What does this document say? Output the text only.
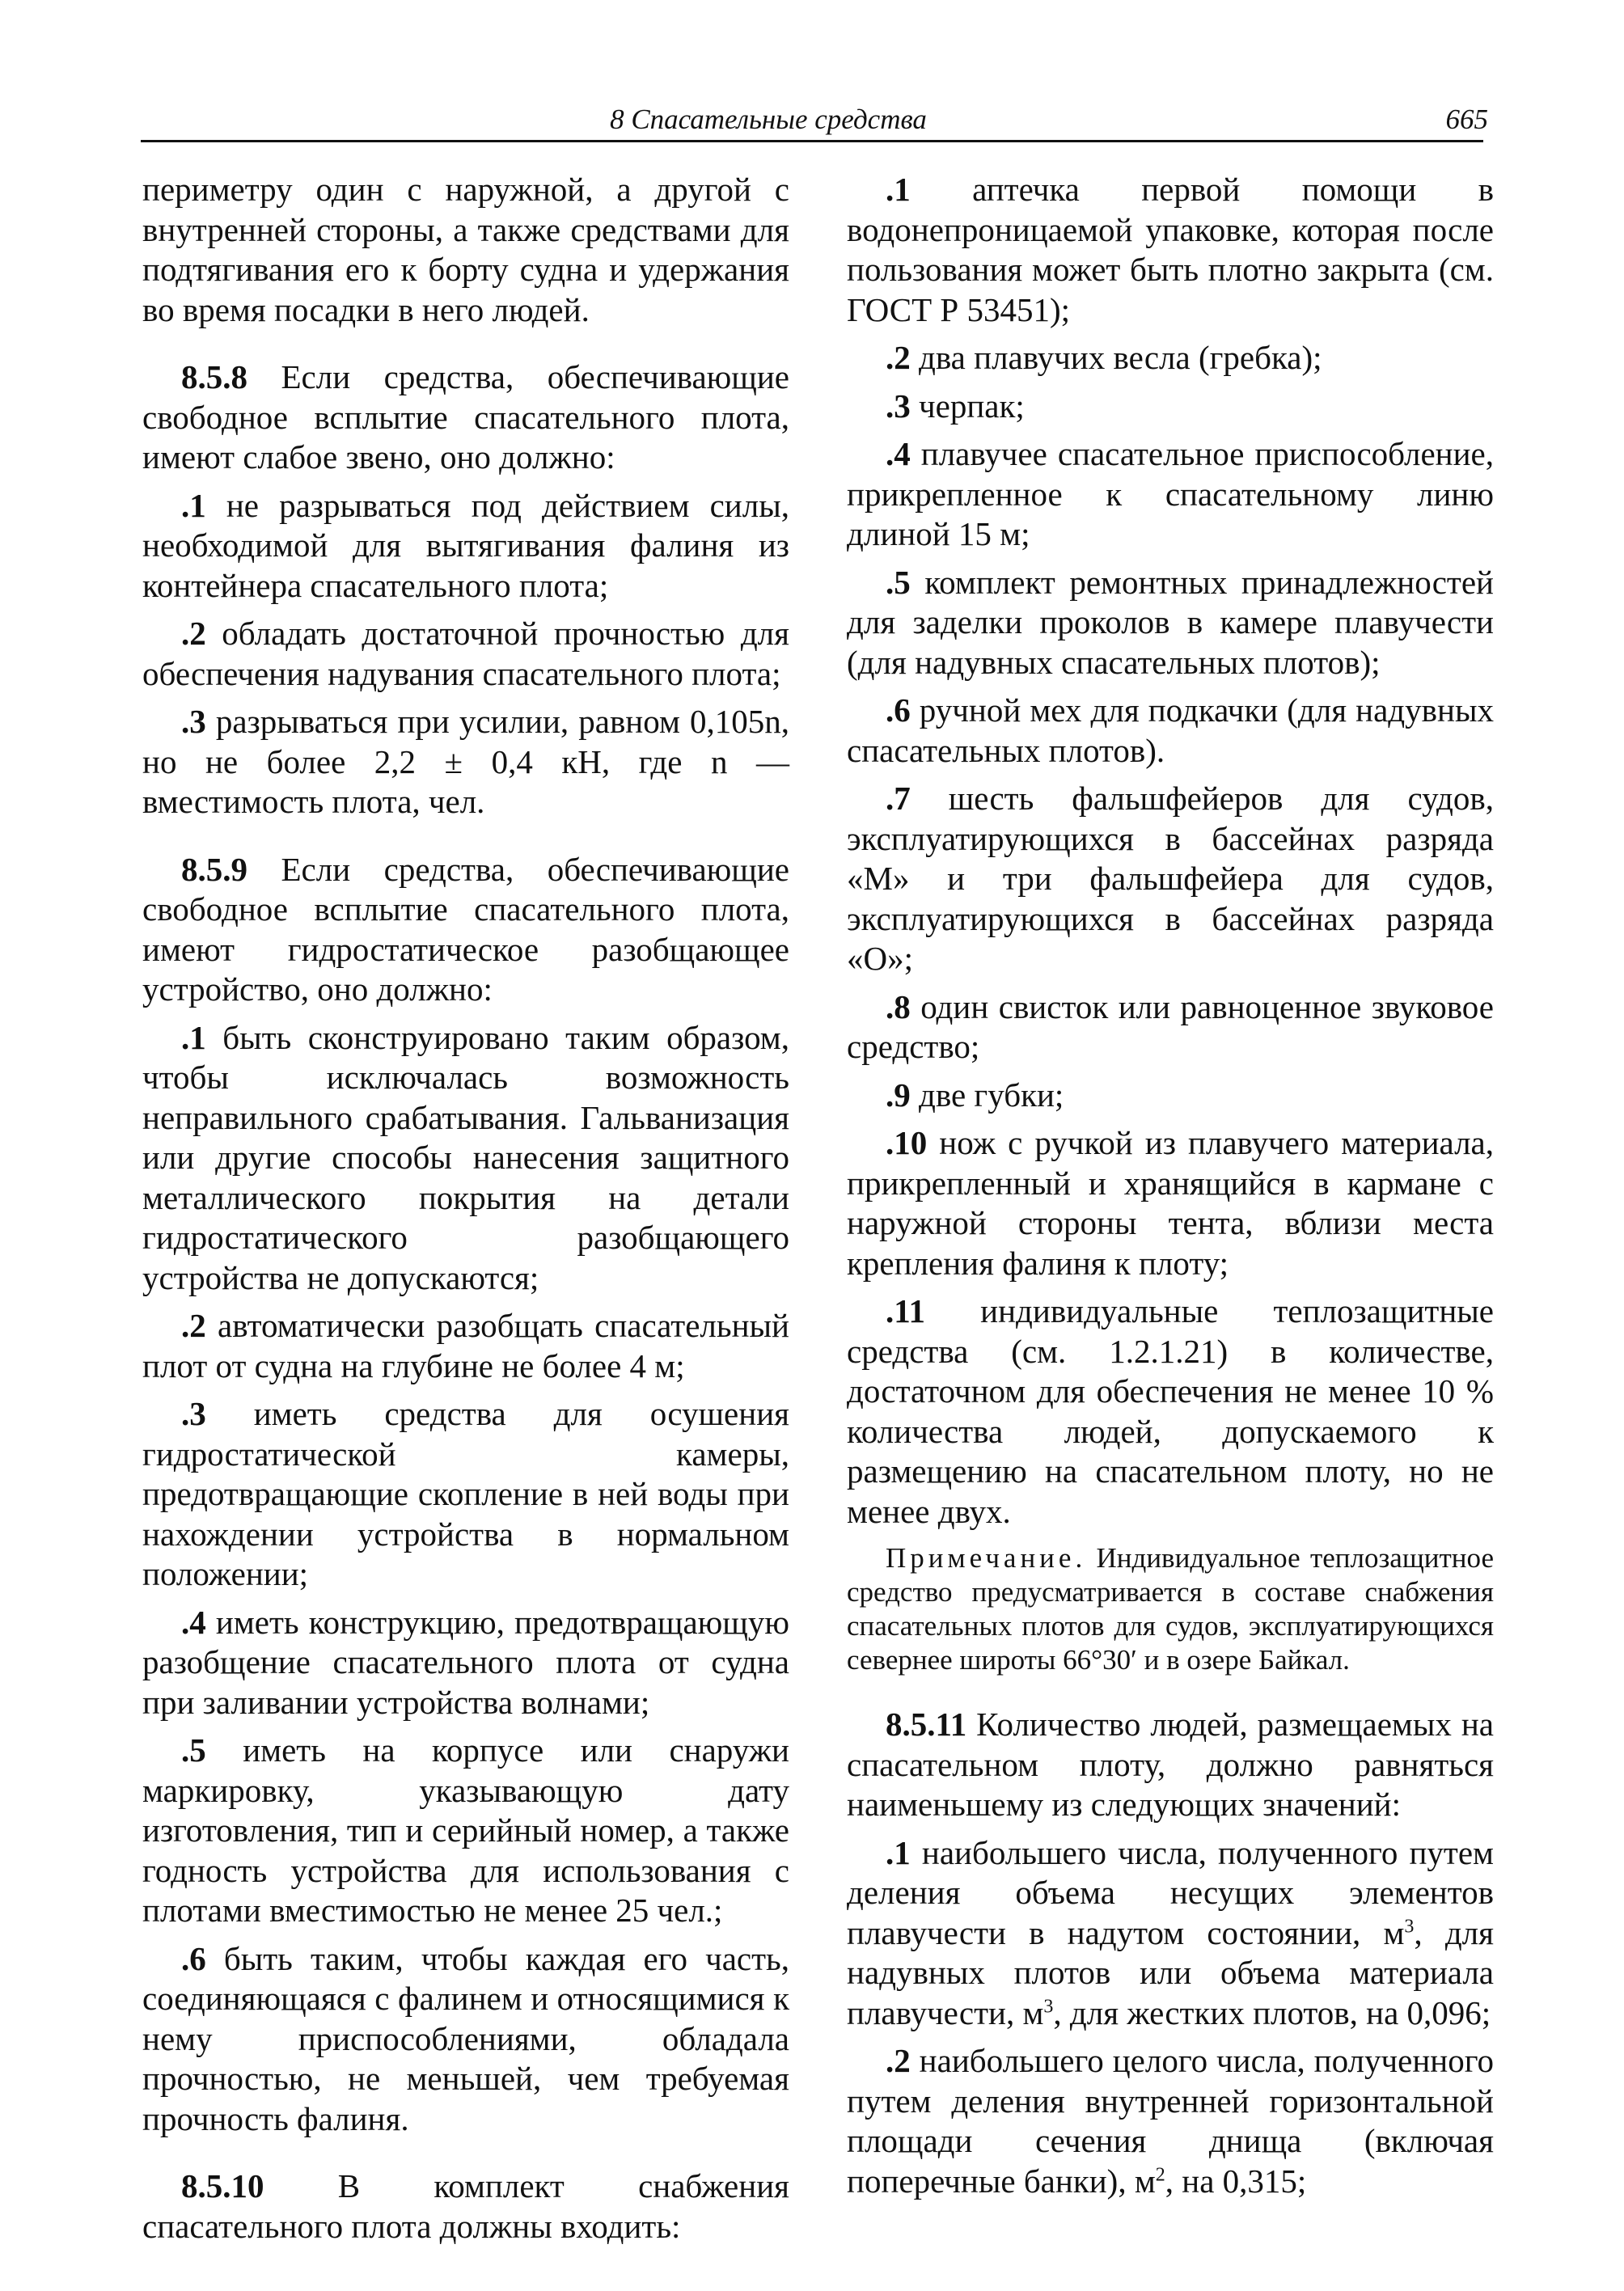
8 Спасательные средства	665

периметру один с наружной, а другой с внутренней стороны, а также средствами для подтягивания его к борту судна и удержания во время посадки в него людей.

8.5.8 Если средства, обеспечивающие свободное всплытие спасательного плота, имеют слабое звено, оно должно:

.1 не разрываться под действием силы, необходимой для вытягивания фалиня из контейнера спасательного плота;

.2 обладать достаточной прочностью для обеспечения надувания спасательного плота;

.3 разрываться при усилии, равном 0,105n, но не более 2,2 ± 0,4 кН, где n — вместимость плота, чел.

8.5.9 Если средства, обеспечивающие свободное всплытие спасательного плота, имеют гидростатическое разобщающее устройство, оно должно:

.1 быть сконструировано таким образом, чтобы исключалась возможность неправильного срабатывания. Гальванизация или другие способы нанесения защитного металлического покрытия на детали гидростатического разобщающего устройства не допускаются;

.2 автоматически разобщать спасательный плот от судна на глубине не более 4 м;

.3 иметь средства для осушения гидростатической камеры, предотвращающие скопление в ней воды при нахождении устройства в нормальном положении;

.4 иметь конструкцию, предотвращающую разобщение спасательного плота от судна при заливании устройства волнами;

.5 иметь на корпусе или снаружи маркировку, указывающую дату изготовления, тип и серийный номер, а также годность устройства для использования с плотами вместимостью не менее 25 чел.;

.6 быть таким, чтобы каждая его часть, соединяющаяся с фалинем и относящимися к нему приспособлениями, обладала прочностью, не меньшей, чем требуемая прочность фалиня.

8.5.10 В комплект снабжения спасательного плота должны входить:

.1 аптечка первой помощи в водонепроницаемой упаковке, которая после пользования может быть плотно закрыта (см. ГОСТ Р 53451);

.2 два плавучих весла (гребка);

.3 черпак;

.4 плавучее спасательное приспособление, прикрепленное к спасательному линю длиной 15 м;

.5 комплект ремонтных принадлежностей для заделки проколов в камере плавучести (для надувных спасательных плотов);

.6 ручной мех для подкачки (для надувных спасательных плотов).

.7 шесть фальшфейеров для судов, эксплуатирующихся в бассейнах разряда «М» и три фальшфейера для судов, эксплуатирующихся в бассейнах разряда «О»;

.8 один свисток или равноценное звуковое средство;

.9 две губки;

.10 нож с ручкой из плавучего материала, прикрепленный и хранящийся в кармане с наружной стороны тента, вблизи места крепления фалиня к плоту;

.11 индивидуальные теплозащитные средства (см. 1.2.1.21) в количестве, достаточном для обеспечения не менее 10 % количества людей, допускаемого к размещению на спасательном плоту, но не менее двух.

Примечание. Индивидуальное теплозащитное средство предусматривается в составе снабжения спасательных плотов для судов, эксплуатирующихся севернее широты 66°30′ и в озере Байкал.

8.5.11 Количество людей, размещаемых на спасательном плоту, должно равняться наименьшему из следующих значений:

.1 наибольшего числа, полученного путем деления объема несущих элементов плавучести в надутом состоянии, $м^3$, для надувных плотов или объема материала плавучести, $м^3$, для жестких плотов, на 0,096;

.2 наибольшего целого числа, полученного путем деления внутренней горизонтальной площади сечения днища (включая поперечные банки), $м^2$, на 0,315;
